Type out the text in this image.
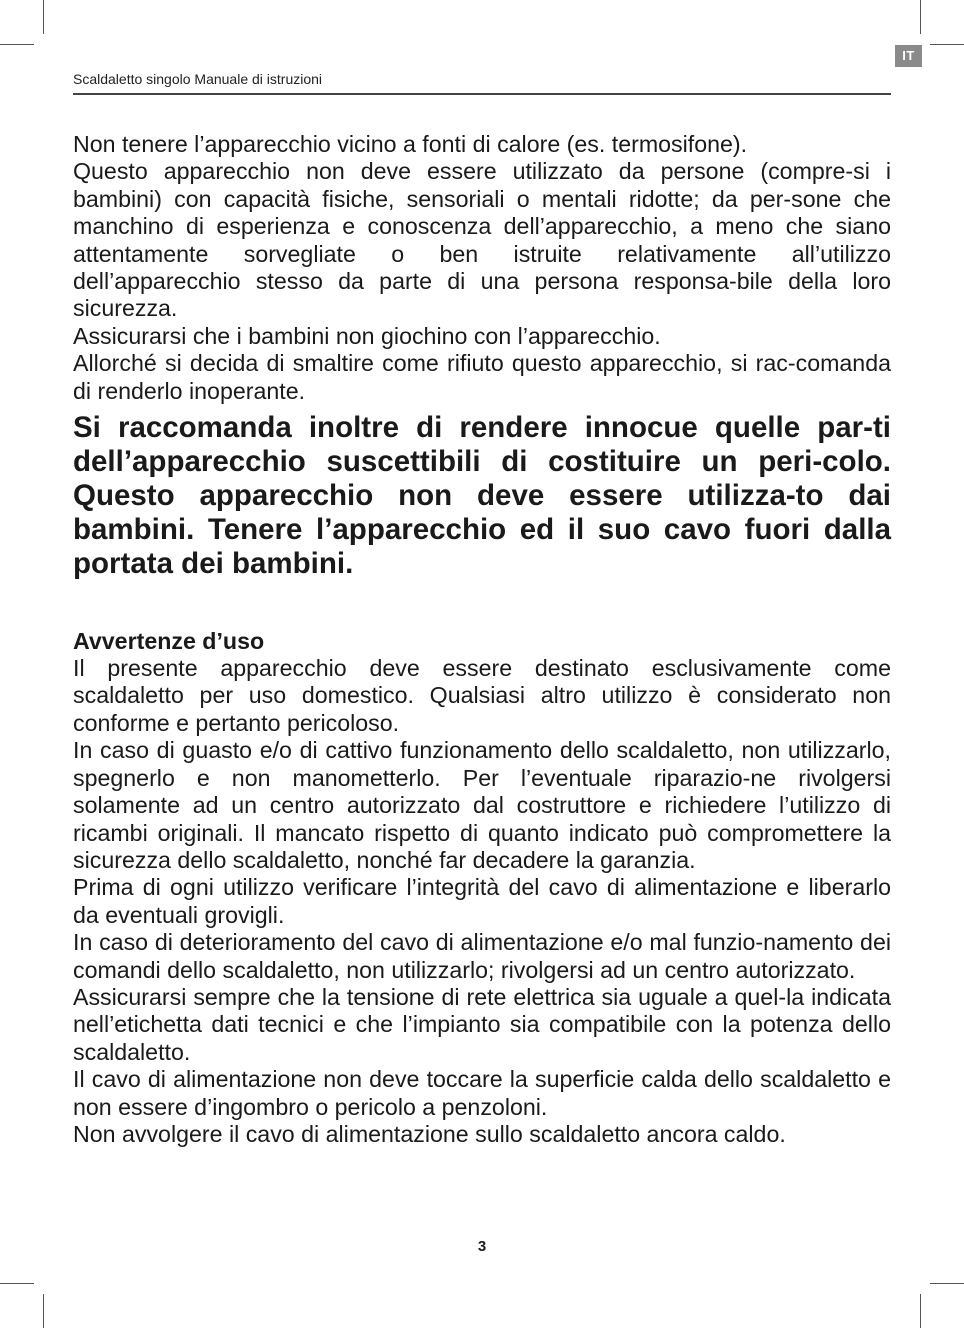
IT
Scaldaletto singolo Manuale di istruzioni

Non tenere l’apparecchio vicino a fonti di calore (es. termosifone).

Questo apparecchio non deve essere utilizzato da persone (compre-si i bambini) con capacità fisiche, sensoriali o mentali ridotte; da per-sone che manchino di esperienza e conoscenza dell’apparecchio, a meno che siano attentamente sorvegliate o ben istruite relativamente all’utilizzo dell’apparecchio stesso da parte di una persona responsa-bile della loro sicurezza.

Assicurarsi che i bambini non giochino con l’apparecchio.

Allorché si decida di smaltire come rifiuto questo apparecchio, si rac-comanda di renderlo inoperante.

Si raccomanda inoltre di rendere innocue quelle par-ti dell’apparecchio suscettibili di costituire un peri-colo. Questo apparecchio non deve essere utilizza-to dai bambini. Tenere l’apparecchio ed il suo cavo fuori dalla portata dei bambini.

Avvertenze d’uso

Il presente apparecchio deve essere destinato esclusivamente come scaldaletto per uso domestico. Qualsiasi altro utilizzo è considerato non conforme e pertanto pericoloso.

In caso di guasto e/o di cattivo funzionamento dello scaldaletto, non utilizzarlo, spegnerlo e non manometterlo. Per l’eventuale riparazio-ne rivolgersi solamente ad un centro autorizzato dal costruttore e richiedere l’utilizzo di ricambi originali. Il mancato rispetto di quanto indicato può compromettere la sicurezza dello scaldaletto, nonché far decadere la garanzia.

Prima di ogni utilizzo verificare l’integrità del cavo di alimentazione e liberarlo da eventuali grovigli.

In caso di deterioramento del cavo di alimentazione e/o mal funzio-namento dei comandi dello scaldaletto, non utilizzarlo; rivolgersi ad un centro autorizzato.

Assicurarsi sempre che la tensione di rete elettrica sia uguale a quel-la indicata nell’etichetta dati tecnici e che l’impianto sia compatibile con la potenza dello scaldaletto.

Il cavo di alimentazione non deve toccare la superficie calda dello scaldaletto e non essere d’ingombro o pericolo a penzoloni.

Non avvolgere il cavo di alimentazione sullo scaldaletto ancora caldo.

3
